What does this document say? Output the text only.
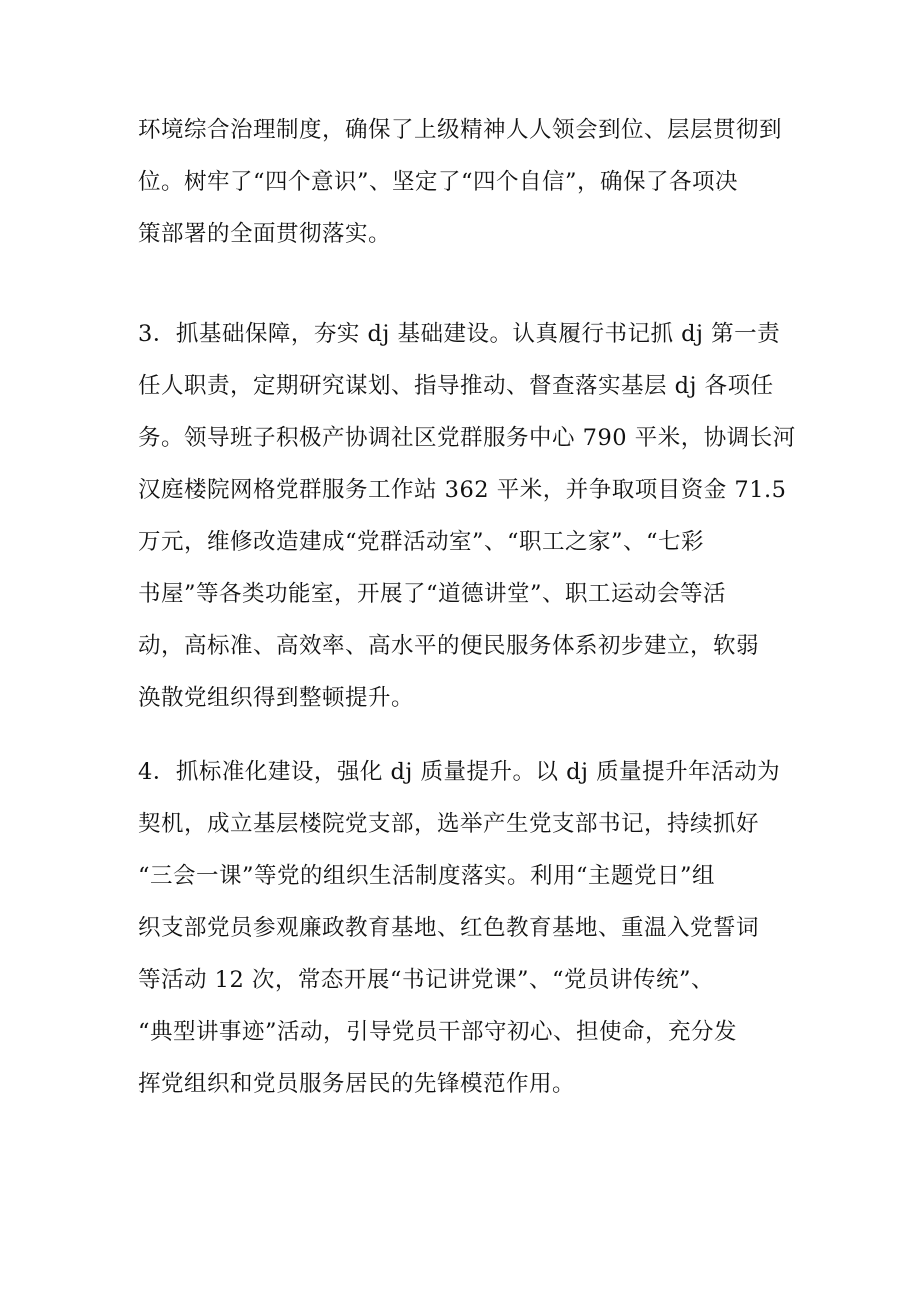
环境综合治理制度，确保了上级精神人人领会到位、层层贯彻到
位。树牢了“四个意识”、坚定了“四个自信”，确保了各项决
策部署的全面贯彻落实。
3．抓基础保障，夯实 dj 基础建设。认真履行书记抓 dj 第一责
任人职责，定期研究谋划、指导推动、督查落实基层 dj 各项任
务。领导班子积极产协调社区党群服务中心 790 平米，协调长河
汉庭楼院网格党群服务工作站 362 平米，并争取项目资金 71.5
万元，维修改造建成“党群活动室”、“职工之家”、“七彩
书屋”等各类功能室，开展了“道德讲堂”、职工运动会等活
动，高标准、高效率、高水平的便民服务体系初步建立，软弱
涣散党组织得到整顿提升。
4．抓标准化建设，强化 dj 质量提升。以 dj 质量提升年活动为
契机，成立基层楼院党支部，选举产生党支部书记，持续抓好
“三会一课”等党的组织生活制度落实。利用“主题党日”组
织支部党员参观廉政教育基地、红色教育基地、重温入党誓词
等活动 12 次，常态开展“书记讲党课”、“党员讲传统”、
“典型讲事迹”活动，引导党员干部守初心、担使命，充分发
挥党组织和党员服务居民的先锋模范作用。
